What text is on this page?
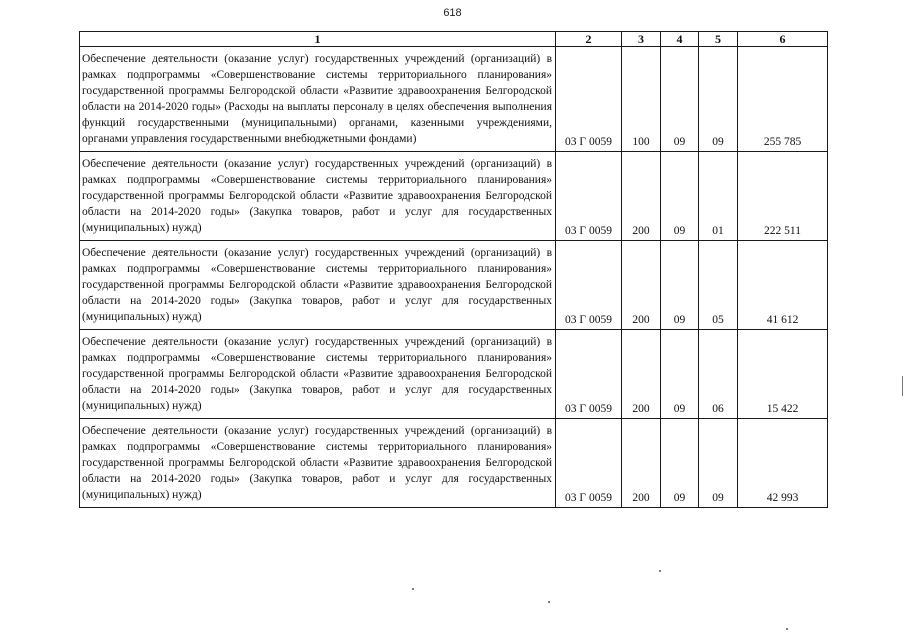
618
1	2	3	4	5	6
Обеспечение деятельности (оказание услуг) государственных учреждений (организаций) в рамках подпрограммы «Совершенствование системы территориального планирования» государственной программы Белгородской области «Развитие здравоохранения Белгородской области на 2014-2020 годы» (Расходы на выплаты персоналу в целях обеспечения выполнения функций государственными (муниципальными) органами, казенными учреждениями, органами управления государственными внебюджетными фондами)	03 Г 0059	100	09	09	255 785
Обеспечение деятельности (оказание услуг) государственных учреждений (организаций) в рамках подпрограммы «Совершенствование системы территориального планирования» государственной программы Белгородской области «Развитие здравоохранения Белгородской области на 2014-2020 годы» (Закупка товаров, работ и услуг для государственных (муниципальных) нужд)	03 Г 0059	200	09	01	222 511
Обеспечение деятельности (оказание услуг) государственных учреждений (организаций) в рамках подпрограммы «Совершенствование системы территориального планирования» государственной программы Белгородской области «Развитие здравоохранения Белгородской области на 2014-2020 годы» (Закупка товаров, работ и услуг для государственных (муниципальных) нужд)	03 Г 0059	200	09	05	41 612
Обеспечение деятельности (оказание услуг) государственных учреждений (организаций) в рамках подпрограммы «Совершенствование системы территориального планирования» государственной программы Белгородской области «Развитие здравоохранения Белгородской области на 2014-2020 годы» (Закупка товаров, работ и услуг для государственных (муниципальных) нужд)	03 Г 0059	200	09	06	15 422
Обеспечение деятельности (оказание услуг) государственных учреждений (организаций) в рамках подпрограммы «Совершенствование системы территориального планирования» государственной программы Белгородской области «Развитие здравоохранения Белгородской области на 2014-2020 годы» (Закупка товаров, работ и услуг для государственных (муниципальных) нужд)	03 Г 0059	200	09	09	42 993
